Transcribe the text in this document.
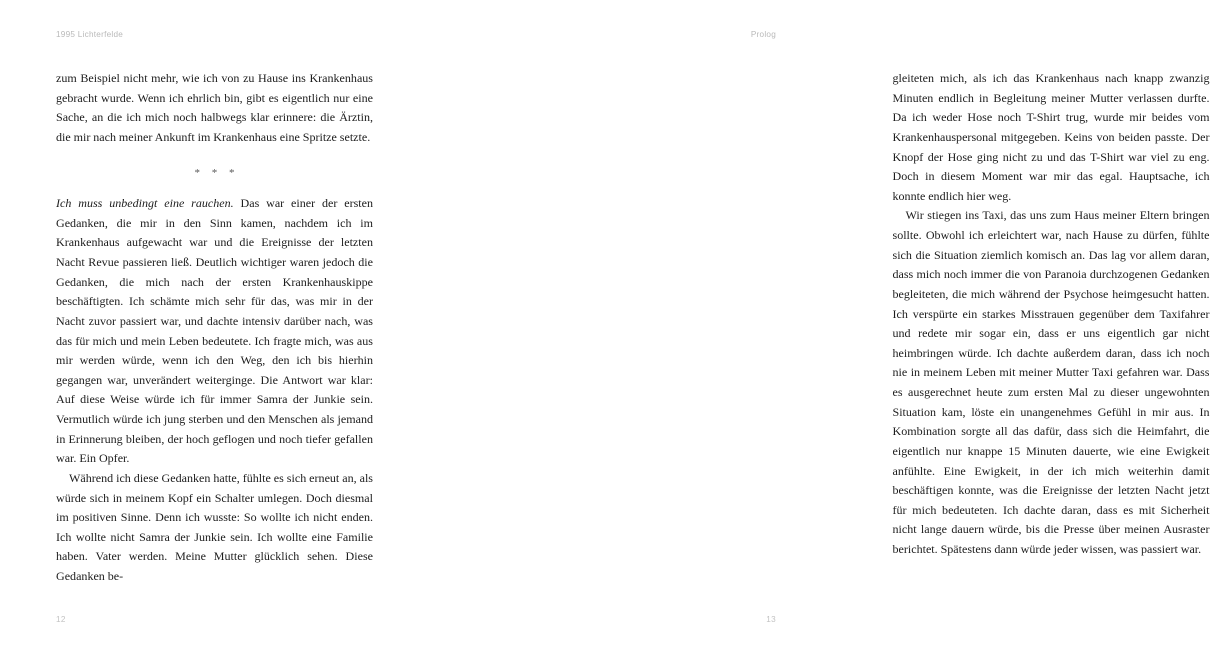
1995 Lichterfelde

zum Beispiel nicht mehr, wie ich von zu Hause ins Krankenhaus gebracht wurde. Wenn ich ehrlich bin, gibt es eigentlich nur eine Sache, an die ich mich noch halbwegs klar erinnere: die Ärztin, die mir nach meiner Ankunft im Krankenhaus eine Spritze setzte.

* * *

Ich muss unbedingt eine rauchen. Das war einer der ersten Gedanken, die mir in den Sinn kamen, nachdem ich im Krankenhaus aufgewacht war und die Ereignisse der letzten Nacht Revue passieren ließ. Deutlich wichtiger waren jedoch die Gedanken, die mich nach der ersten Krankenhauskippe beschäftigten. Ich schämte mich sehr für das, was mir in der Nacht zuvor passiert war, und dachte intensiv darüber nach, was das für mich und mein Leben bedeutete. Ich fragte mich, was aus mir werden würde, wenn ich den Weg, den ich bis hierhin gegangen war, unverändert weiterginge. Die Antwort war klar: Auf diese Weise würde ich für immer Samra der Junkie sein. Vermutlich würde ich jung sterben und den Menschen als jemand in Erinnerung bleiben, der hoch geflogen und noch tiefer gefallen war. Ein Opfer.

Während ich diese Gedanken hatte, fühlte es sich erneut an, als würde sich in meinem Kopf ein Schalter umlegen. Doch diesmal im positiven Sinne. Denn ich wusste: So wollte ich nicht enden. Ich wollte nicht Samra der Junkie sein. Ich wollte eine Familie haben. Vater werden. Meine Mutter glücklich sehen. Diese Gedanken be-

12
Prolog

gleiteten mich, als ich das Krankenhaus nach knapp zwanzig Minuten endlich in Begleitung meiner Mutter verlassen durfte. Da ich weder Hose noch T-Shirt trug, wurde mir beides vom Krankenhauspersonal mitgegeben. Keins von beiden passte. Der Knopf der Hose ging nicht zu und das T-Shirt war viel zu eng. Doch in diesem Moment war mir das egal. Hauptsache, ich konnte endlich hier weg.

Wir stiegen ins Taxi, das uns zum Haus meiner Eltern bringen sollte. Obwohl ich erleichtert war, nach Hause zu dürfen, fühlte sich die Situation ziemlich komisch an. Das lag vor allem daran, dass mich noch immer die von Paranoia durchzogenen Gedanken begleiteten, die mich während der Psychose heimgesucht hatten. Ich verspürte ein starkes Misstrauen gegenüber dem Taxifahrer und redete mir sogar ein, dass er uns eigentlich gar nicht heimbringen würde. Ich dachte außerdem daran, dass ich noch nie in meinem Leben mit meiner Mutter Taxi gefahren war. Dass es ausgerechnet heute zum ersten Mal zu dieser ungewohnten Situation kam, löste ein unangenehmes Gefühl in mir aus. In Kombination sorgte all das dafür, dass sich die Heimfahrt, die eigentlich nur knappe 15 Minuten dauerte, wie eine Ewigkeit anfühlte. Eine Ewigkeit, in der ich mich weiterhin damit beschäftigen konnte, was die Ereignisse der letzten Nacht jetzt für mich bedeuteten. Ich dachte daran, dass es mit Sicherheit nicht lange dauern würde, bis die Presse über meinen Ausraster berichtet. Spätestens dann würde jeder wissen, was passiert war.

13
